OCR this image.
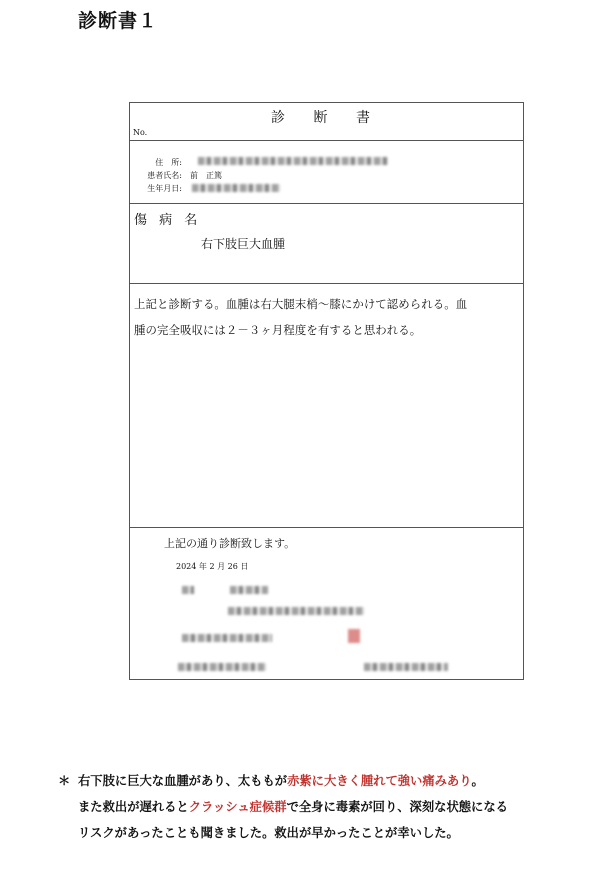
診断書１
診 断 書
No.
住　所:
患者氏名: 前　正篤
生年月日:
傷 病 名
右下肢巨大血腫
上記と診断する。血腫は右大腿末梢～膝にかけて認められる。血
腫の完全吸収には２－３ヶ月程度を有すると思われる。
上記の通り診断致します。
2024 年 2 月 26 日
＊ 右下肢に巨大な血腫があり、太ももが赤紫に大きく腫れて強い痛みあり。
また救出が遅れるとクラッシュ症候群で全身に毒素が回り、深刻な状態になる
リスクがあったことも聞きました。救出が早かったことが幸いした。
